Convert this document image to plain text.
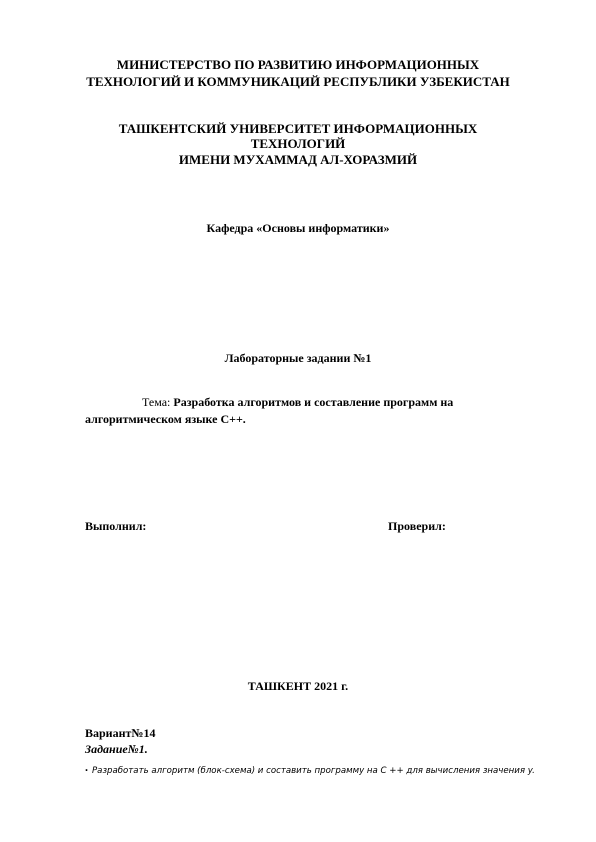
МИНИСТЕРСТВО ПО РАЗВИТИЮ ИНФОРМАЦИОННЫХ
ТЕХНОЛОГИЙ И КОММУНИКАЦИЙ РЕСПУБЛИКИ УЗБЕКИСТАН
ТАШКЕНТСКИЙ УНИВЕРСИТЕТ ИНФОРМАЦИОННЫХ
ТЕХНОЛОГИЙ
ИМЕНИ МУХАММАД АЛ-ХОРАЗМИЙ
Кафедра «Основы информатики»
Лабораторные задании №1
Тема: Разработка алгоритмов и составление программ на
алгоритмическом языке С++.
Выполнил:	Проверил:
ТАШКЕНТ 2021 г.
Вариант№14
Задание№1.
. Разработать алгоритм (блок-схема) и составить программу на С ++ для вычисления значения y.
